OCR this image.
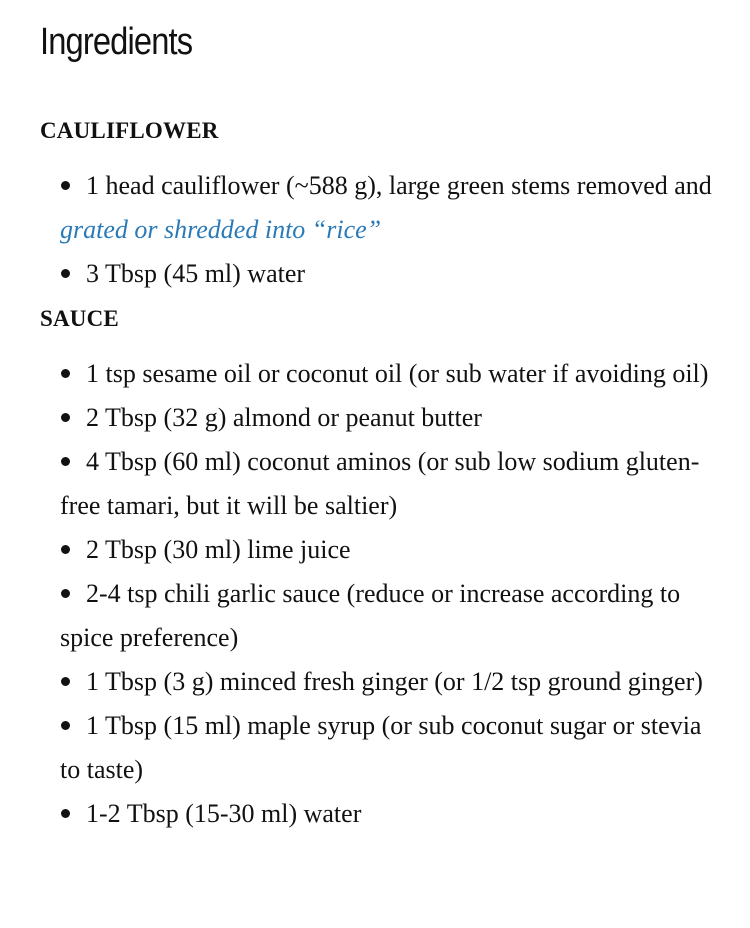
Ingredients
CAULIFLOWER
1 head cauliflower (~588 g), large green stems removed and grated or shredded into “rice”
3 Tbsp (45 ml) water
SAUCE
1 tsp sesame oil or coconut oil (or sub water if avoiding oil)
2 Tbsp (32 g) almond or peanut butter
4 Tbsp (60 ml) coconut aminos (or sub low sodium gluten-free tamari, but it will be saltier)
2 Tbsp (30 ml) lime juice
2-4 tsp chili garlic sauce (reduce or increase according to spice preference)
1 Tbsp (3 g) minced fresh ginger (or 1/2 tsp ground ginger)
1 Tbsp (15 ml) maple syrup (or sub coconut sugar or stevia to taste)
1-2 Tbsp (15-30 ml) water
